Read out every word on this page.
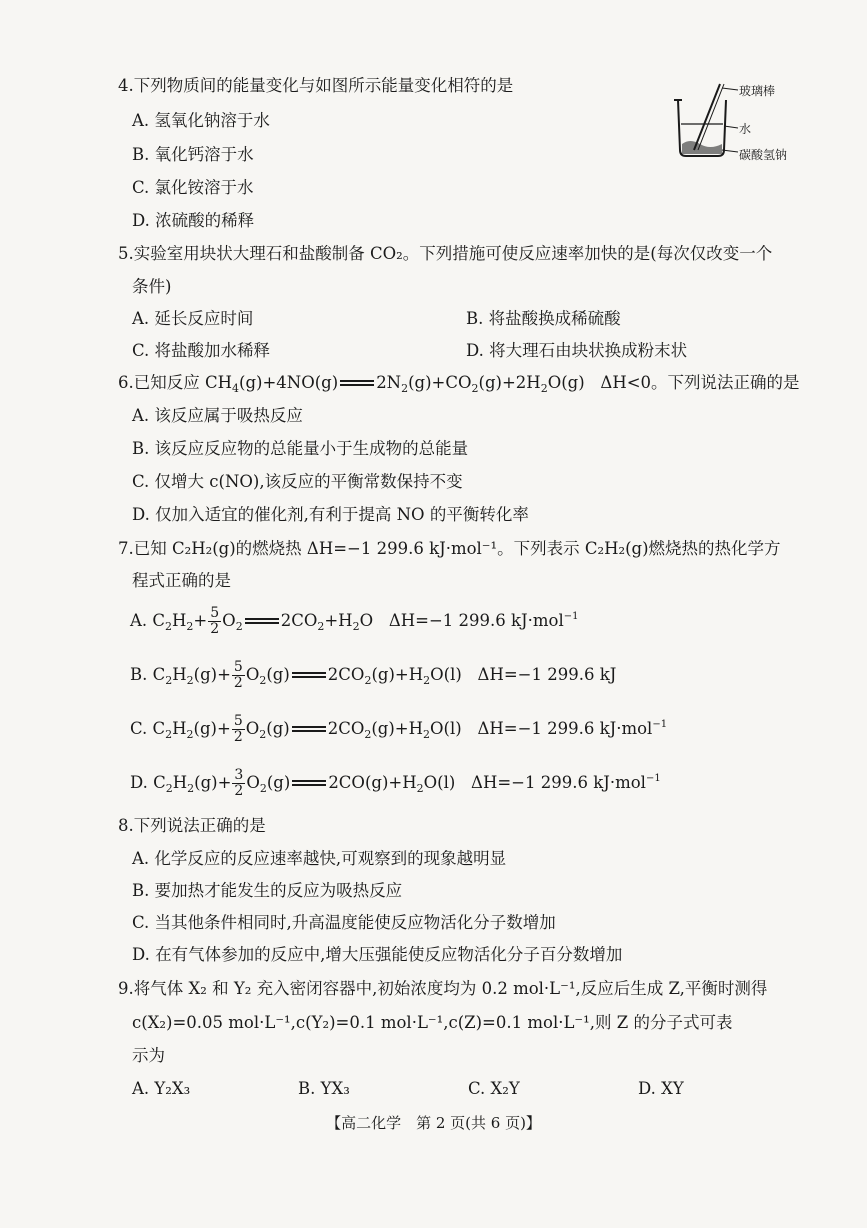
4.下列物质间的能量变化与如图所示能量变化相符的是
A. 氢氧化钠溶于水
B. 氧化钙溶于水
C. 氯化铵溶于水
D. 浓硫酸的稀释
玻璃棒
水
碳酸氢钠
5.实验室用块状大理石和盐酸制备 CO₂。下列措施可使反应速率加快的是(每次仅改变一个
条件)
A. 延长反应时间	B. 将盐酸换成稀硫酸
C. 将盐酸加水稀释	D. 将大理石由块状换成粉末状
6.已知反应 $CH_4(g)+4NO(g)$ $2N_2(g)+CO_2(g)+2H_2O(g)$   ΔH<0。下列说法正确的是
A. 该反应属于吸热反应
B. 该反应反应物的总能量小于生成物的总能量
C. 仅增大 c(NO),该反应的平衡常数保持不变
D. 仅加入适宜的催化剂,有利于提高 NO 的平衡转化率
7.已知 C₂H₂(g)的燃烧热 ΔH=−1 299.6 kJ·mol⁻¹。下列表示 C₂H₂(g)燃烧热的热化学方
程式正确的是
A. $C_2H_2+ \frac{5}{2} O_2$ $2CO_2+H_2O$   ΔH=−1 299.6 kJ·mol$^{-1}$
B. $C_2H_2(g)+ \frac{5}{2} O_2(g)$ $2CO_2(g)+H_2O(l)$   ΔH=−1 299.6 kJ
C. $C_2H_2(g)+ \frac{5}{2} O_2(g)$ $2CO_2(g)+H_2O(l)$   ΔH=−1 299.6 kJ·mol$^{-1}$
D. $C_2H_2(g)+ \frac{3}{2} O_2(g)$ $2CO(g)+H_2O(l)$   ΔH=−1 299.6 kJ·mol$^{-1}$
8.下列说法正确的是
A. 化学反应的反应速率越快,可观察到的现象越明显
B. 要加热才能发生的反应为吸热反应
C. 当其他条件相同时,升高温度能使反应物活化分子数增加
D. 在有气体参加的反应中,增大压强能使反应物活化分子百分数增加
9.将气体 X₂ 和 Y₂ 充入密闭容器中,初始浓度均为 0.2 mol·L⁻¹,反应后生成 Z,平衡时测得
c(X₂)=0.05 mol·L⁻¹,c(Y₂)=0.1 mol·L⁻¹,c(Z)=0.1 mol·L⁻¹,则 Z 的分子式可表
示为
A. Y₂X₃	B. YX₃	C. X₂Y	D. XY
【高二化学　第 2 页(共 6 页)】
